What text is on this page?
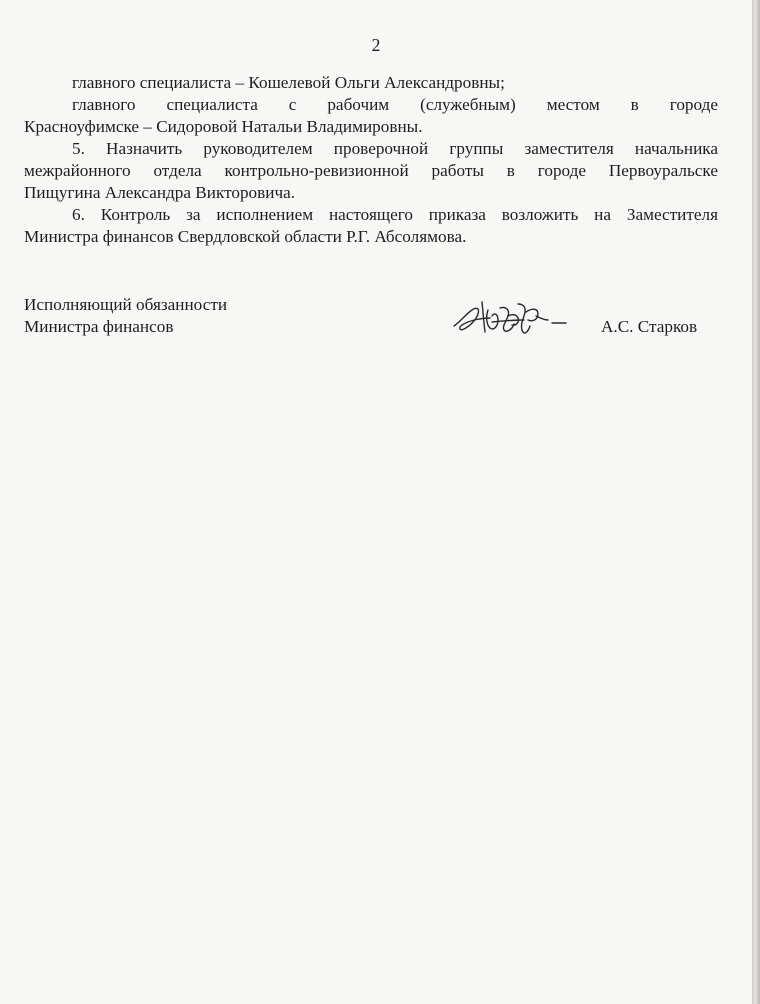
2
главного специалиста – Кошелевой Ольги Александровны;
главного специалиста с рабочим (служебным) местом в городе
Красноуфимске – Сидоровой Натальи Владимировны.
5. Назначить руководителем проверочной группы заместителя начальника
межрайонного отдела контрольно-ревизионной работы в городе Первоуральске
Пищугина Александра Викторовича.
6. Контроль за исполнением настоящего приказа возложить на Заместителя
Министра финансов Свердловской области Р.Г. Абсолямова.
Исполняющий обязанности
Министра финансов	А.С. Старков
